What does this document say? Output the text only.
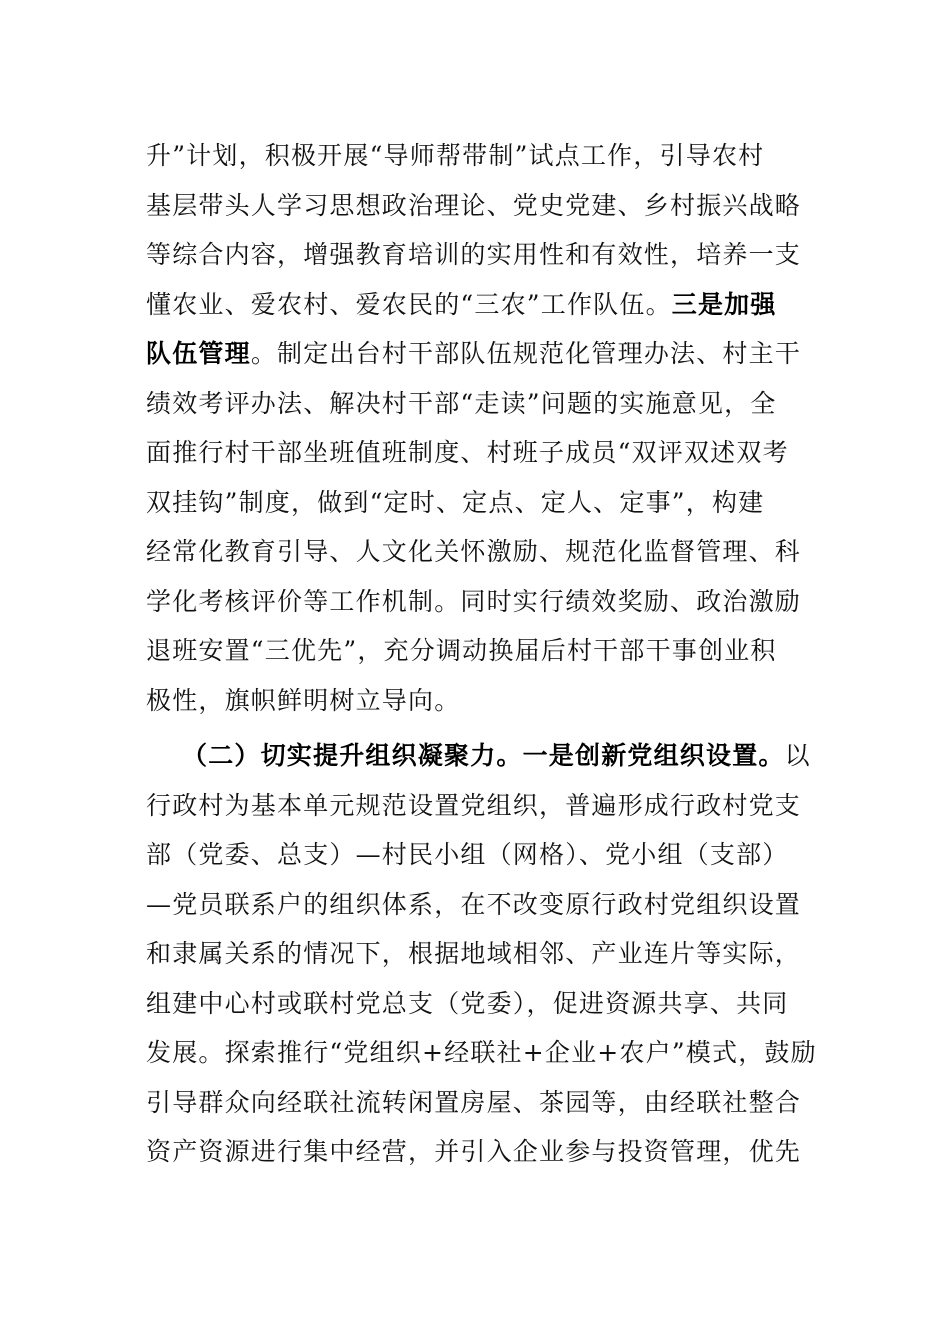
升”计划，积极开展“导师帮带制”试点工作，引导农村
基层带头人学习思想政治理论、党史党建、乡村振兴战略
等综合内容，增强教育培训的实用性和有效性，培养一支
懂农业、爱农村、爱农民的“三农”工作队伍。三是加强
队伍管理。制定出台村干部队伍规范化管理办法、村主干
绩效考评办法、解决村干部“走读”问题的实施意见，全
面推行村干部坐班值班制度、村班子成员“双评双述双考
双挂钩”制度，做到“定时、定点、定人、定事”，构建
经常化教育引导、人文化关怀激励、规范化监督管理、科
学化考核评价等工作机制。同时实行绩效奖励、政治激励
退班安置“三优先”，充分调动换届后村干部干事创业积
极性，旗帜鲜明树立导向。
（二）切实提升组织凝聚力。一是创新党组织设置。以
行政村为基本单元规范设置党组织，普遍形成行政村党支
部（党委、总支）—村民小组（网格）、党小组（支部）
—党员联系户的组织体系，在不改变原行政村党组织设置
和隶属关系的情况下，根据地域相邻、产业连片等实际，
组建中心村或联村党总支（党委），促进资源共享、共同
发展。探索推行“党组织+经联社+企业+农户”模式，鼓励
引导群众向经联社流转闲置房屋、茶园等，由经联社整合
资产资源进行集中经营，并引入企业参与投资管理，优先
